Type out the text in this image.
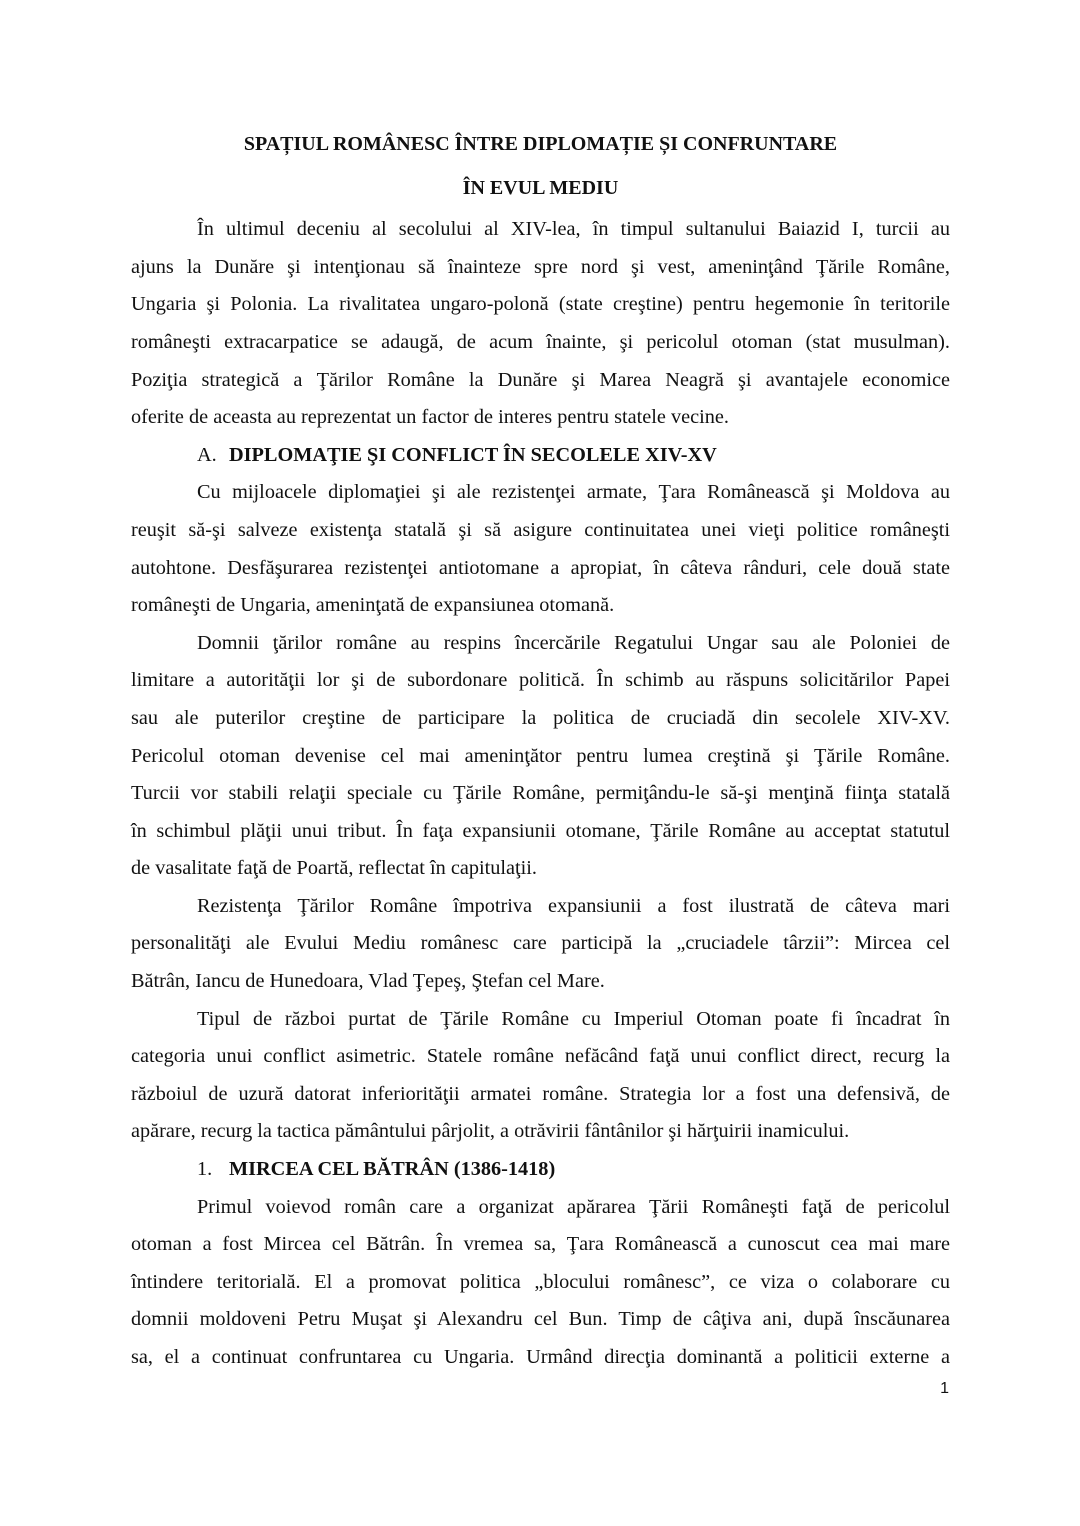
SPAȚIUL ROMÂNESC ÎNTRE DIPLOMAȚIE ȘI CONFRUNTARE
ÎN EVUL MEDIU
În ultimul deceniu al secolului al XIV-lea, în timpul sultanului Baiazid I, turcii au
ajuns la Dunăre şi intenţionau să înainteze spre nord şi vest, ameninţând Ţările Române,
Ungaria şi Polonia. La rivalitatea ungaro-polonă (state creştine) pentru hegemonie în teritorile
româneşti extracarpatice se adaugă, de acum înainte, şi pericolul otoman (stat musulman).
Poziţia strategică a Ţărilor Române la Dunăre şi Marea Neagră şi avantajele economice
oferite de aceasta au reprezentat un factor de interes pentru statele vecine.
A. DIPLOMAŢIE ŞI CONFLICT ÎN SECOLELE XIV-XV
Cu mijloacele diplomaţiei şi ale rezistenţei armate, Ţara Românească şi Moldova au
reuşit să-şi salveze existenţa statală şi să asigure continuitatea unei vieţi politice româneşti
autohtone. Desfăşurarea rezistenţei antiotomane a apropiat, în câteva rânduri, cele două state
româneşti de Ungaria, ameninţată de expansiunea otomană.
Domnii ţărilor române au respins încercările Regatului Ungar sau ale Poloniei de
limitare a autorităţii lor şi de subordonare politică. În schimb au răspuns solicitărilor Papei
sau ale puterilor creştine de participare la politica de cruciadă din secolele XIV-XV.
Pericolul otoman devenise cel mai ameninţător pentru lumea creştină şi Ţările Române.
Turcii vor stabili relaţii speciale cu Ţările Române, permiţându-le să-şi menţină fiinţa statală
în schimbul plăţii unui tribut. În faţa expansiunii otomane, Ţările Române au acceptat statutul
de vasalitate faţă de Poartă, reflectat în capitulaţii.
Rezistenţa Ţărilor Române împotriva expansiunii a fost ilustrată de câteva mari
personalităţi ale Evului Mediu românesc care participă la „cruciadele târzii”: Mircea cel
Bătrân, Iancu de Hunedoara, Vlad Ţepeş, Ştefan cel Mare.
Tipul de război purtat de Ţările Române cu Imperiul Otoman poate fi încadrat în
categoria unui conflict asimetric. Statele române nefăcând faţă unui conflict direct, recurg la
războiul de uzură datorat inferiorităţii armatei române. Strategia lor a fost una defensivă, de
apărare, recurg la tactica pământului pârjolit, a otrăvirii fântânilor şi hărţuirii inamicului.
1. MIRCEA CEL BĂTRÂN (1386-1418)
Primul voievod român care a organizat apărarea Ţării Româneşti faţă de pericolul
otoman a fost Mircea cel Bătrân. În vremea sa, Ţara Românească a cunoscut cea mai mare
întindere teritorială. El a promovat politica „blocului românesc”, ce viza o colaborare cu
domnii moldoveni Petru Muşat şi Alexandru cel Bun. Timp de câţiva ani, după înscăunarea
sa, el a continuat confruntarea cu Ungaria. Urmând direcţia dominantă a politicii externe a
1
